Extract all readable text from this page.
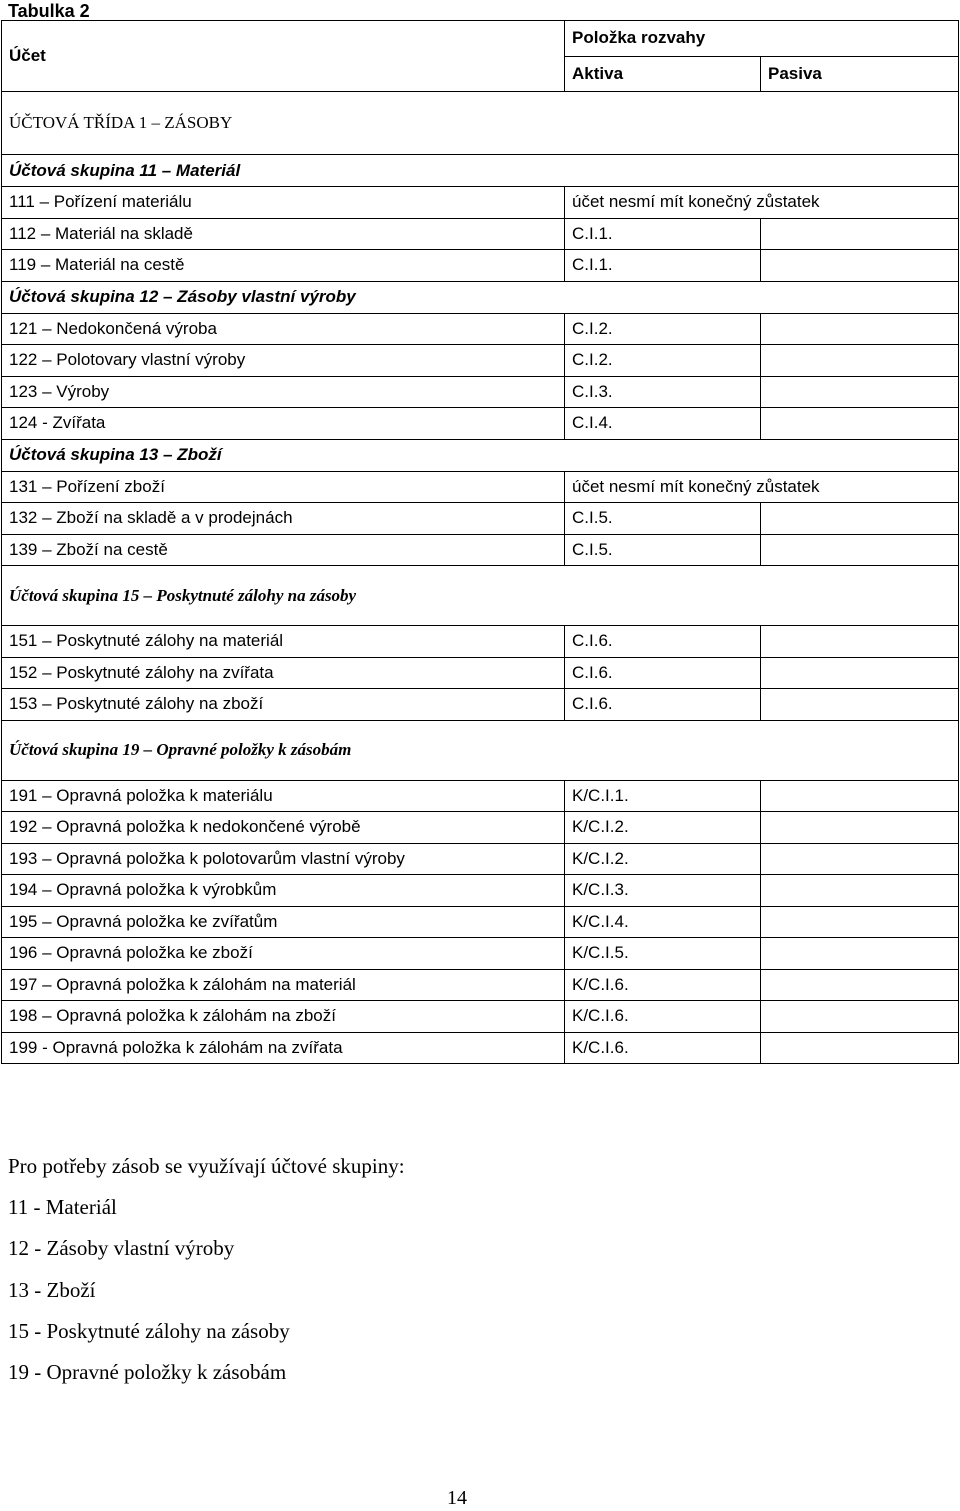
Tabulka 2
Účet	Položka rozvahy	
	Aktiva	Pasiva
ÚČTOVÁ TŘÍDA 1 – ZÁSOBY		
Účtová skupina 11 – Materiál		
111 – Pořízení materiálu	účet nesmí mít konečný zůstatek	
112 – Materiál na skladě	C.I.1.	
119 – Materiál na cestě	C.I.1.	
Účtová skupina 12 – Zásoby vlastní výroby		
121 – Nedokončená výroba	C.I.2.	
122 – Polotovary vlastní výroby	C.I.2.	
123 – Výroby	C.I.3.	
124 - Zvířata	C.I.4.	
Účtová skupina 13 – Zboží		
131 – Pořízení zboží	účet nesmí mít konečný zůstatek	
132 – Zboží na skladě a v prodejnách	C.I.5.	
139 – Zboží na cestě	C.I.5.	
Účtová skupina 15 – Poskytnuté zálohy na zásoby		
151 – Poskytnuté zálohy na materiál	C.I.6.	
152 – Poskytnuté zálohy na zvířata	C.I.6.	
153 – Poskytnuté zálohy na zboží	C.I.6.	
Účtová skupina 19 – Opravné položky k zásobám		
191 – Opravná položka k materiálu	K/C.I.1.	
192 – Opravná položka k nedokončené výrobě	K/C.I.2.	
193 – Opravná položka k polotovarům vlastní výroby	K/C.I.2.	
194 – Opravná položka k výrobkům	K/C.I.3.	
195 – Opravná položka ke zvířatům	K/C.I.4.	
196 – Opravná položka ke zboží	K/C.I.5.	
197 – Opravná položka k zálohám na materiál	K/C.I.6.	
198 – Opravná položka k zálohám na zboží	K/C.I.6.	
199 - Opravná položka k zálohám na zvířata	K/C.I.6.	
Pro potřeby zásob se využívají účtové skupiny:
11 - Materiál
12 - Zásoby vlastní výroby
13 - Zboží
15 - Poskytnuté zálohy na zásoby
19 - Opravné položky k zásobám
14
